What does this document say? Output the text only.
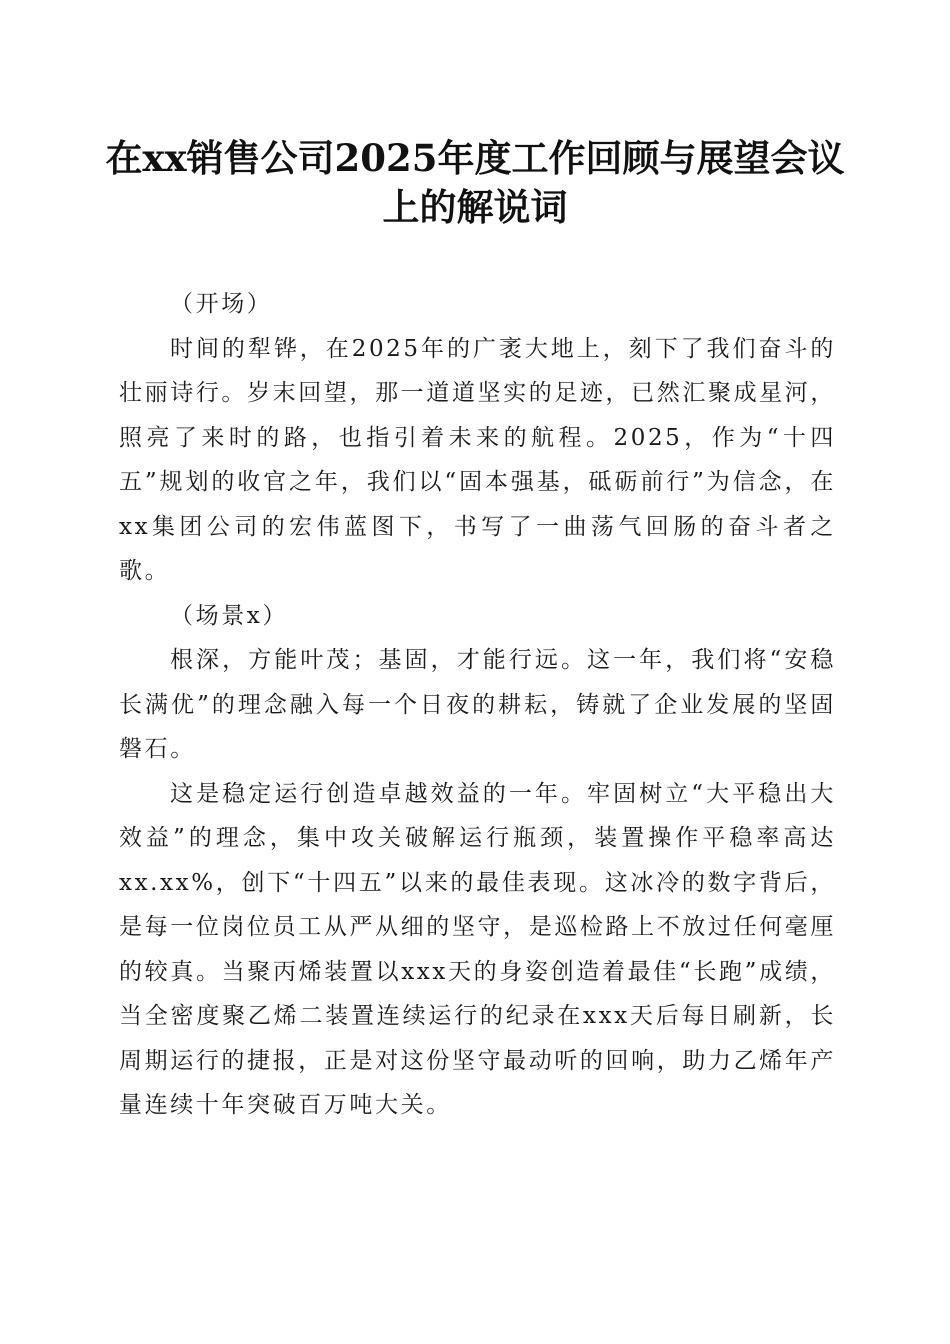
在xx销售公司2025年度工作回顾与展望会议
上的解说词

（开场）

时间的犁铧，在2025年的广袤大地上，刻下了我们奋斗的壮丽诗行。岁末回望，那一道道坚实的足迹，已然汇聚成星河，照亮了来时的路，也指引着未来的航程。2025，作为“十四五”规划的收官之年，我们以“固本强基，砥砺前行”为信念，在xx集团公司的宏伟蓝图下，书写了一曲荡气回肠的奋斗者之歌。

（场景x）

根深，方能叶茂；基固，才能行远。这一年，我们将“安稳长满优”的理念融入每一个日夜的耕耘，铸就了企业发展的坚固磐石。

这是稳定运行创造卓越效益的一年。牢固树立“大平稳出大效益”的理念，集中攻关破解运行瓶颈，装置操作平稳率高达xx.xx%，创下“十四五”以来的最佳表现。这冰冷的数字背后，是每一位岗位员工从严从细的坚守，是巡检路上不放过任何毫厘的较真。当聚丙烯装置以xxx天的身姿创造着最佳“长跑”成绩，当全密度聚乙烯二装置连续运行的纪录在xxx天后每日刷新，长周期运行的捷报，正是对这份坚守最动听的回响，助力乙烯年产量连续十年突破百万吨大关。
